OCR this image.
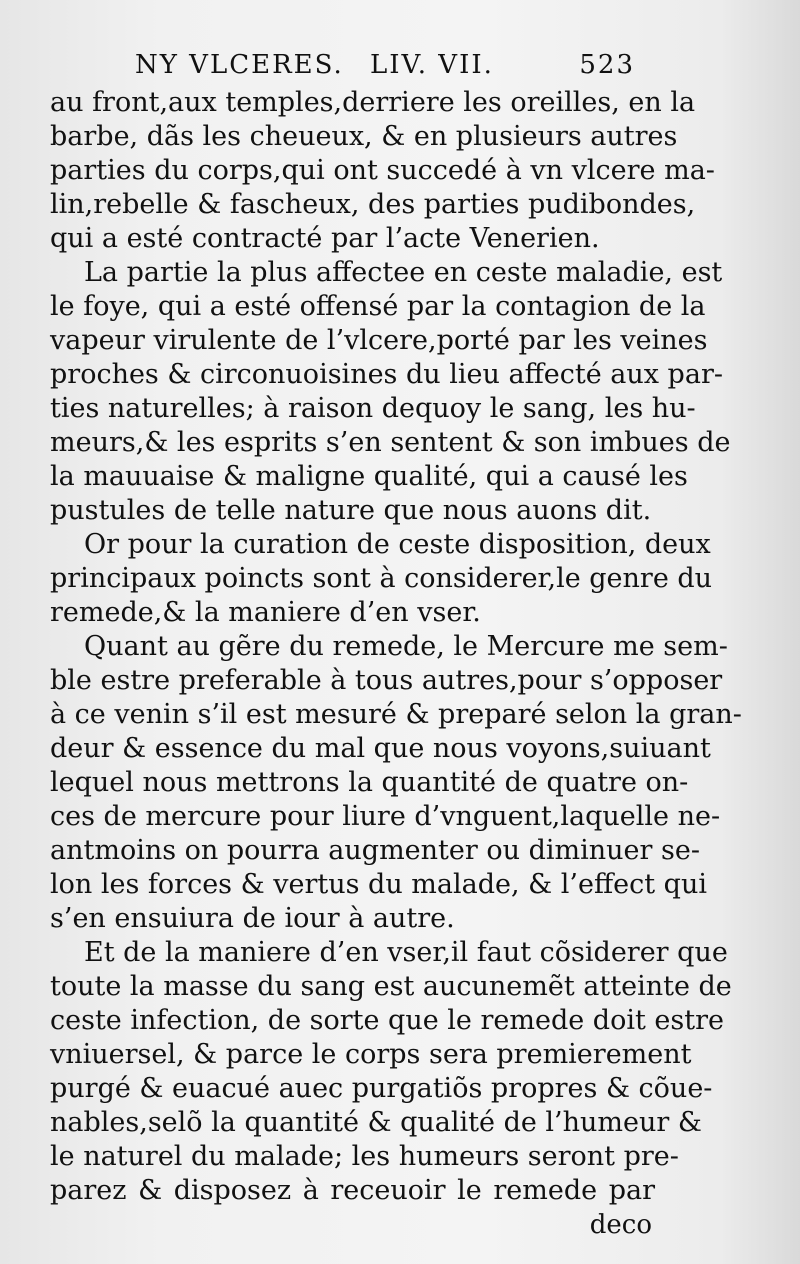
NY VLCERES. LIV. VII.	523
au front,aux temples,derriere les oreilles, en la
barbe, dãs les cheueux, & en plusieurs autres
parties du corps,qui ont succedé à vn vlcere ma-
lin,rebelle & fascheux, des parties pudibondes,
qui a esté contracté par l’acte Venerien.
La partie la plus affectee en ceste maladie, est
le foye, qui a esté offensé par la contagion de la
vapeur virulente de l’vlcere,porté par les veines
proches & circonuoisines du lieu affecté aux par-
ties naturelles; à raison dequoy le sang, les hu-
meurs,& les esprits s’en sentent & son imbues de
la mauuaise & maligne qualité, qui a causé les
pustules de telle nature que nous auons dit.
Or pour la curation de ceste disposition, deux
principaux poincts sont à considerer,le genre du
remede,& la maniere d’en vser.
Quant au gẽre du remede, le Mercure me sem-
ble estre preferable à tous autres,pour s’opposer
à ce venin s’il est mesuré & preparé selon la gran-
deur & essence du mal que nous voyons,suiuant
lequel nous mettrons la quantité de quatre on-
ces de mercure pour liure d’vnguent,laquelle ne-
antmoins on pourra augmenter ou diminuer se-
lon les forces & vertus du malade, & l’effect qui
s’en ensuiura de iour à autre.
Et de la maniere d’en vser,il faut cõsiderer que
toute la masse du sang est aucunemẽt atteinte de
ceste infection, de sorte que le remede doit estre
vniuersel, & parce le corps sera premierement
purgé & euacué auec purgatiõs propres & cõue-
nables,selõ la quantité & qualité de l’humeur &
le naturel du malade; les humeurs seront pre-
parez & disposez à receuoir le remede par
deco
